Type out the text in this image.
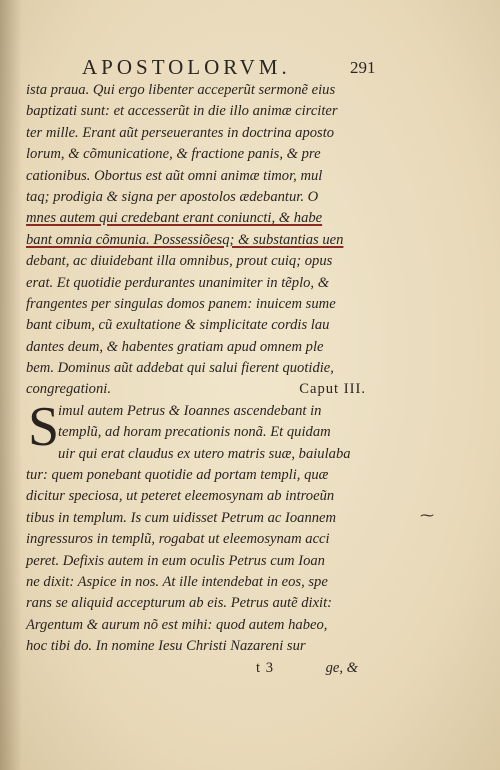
APOSTOLORVM.	291
ista praua. Qui ergo libenter acceperũt sermonẽ eius
baptizati sunt: et accesserũt in die illo animæ circiter
ter mille. Erant aũt perseuerantes in doctrina aposto
lorum, & cõmunicatione, & fractione panis, & pre
cationibus. Obortus est aũt omni animæ timor, mul
taq; prodigia & signa per apostolos ædebantur. O
mnes autem qui credebant erant coniuncti, & habe
bant omnia cõmunia. Possessiõesq; & substantias uen
debant, ac diuidebant illa omnibus, prout cuiq; opus
erat. Et quotidie perdurantes unanimiter in tẽplo, &
frangentes per singulas domos panem: inuicem sume
bant cibum, cũ exultatione & simplicitate cordis lau
dantes deum, & habentes gratiam apud omnem ple
bem. Dominus aũt addebat qui salui fierent quotidie,
congregationi.	Caput III.
imul autem Petrus & Ioannes ascendebant in
templũ, ad horam precationis nonã. Et quidam
uir qui erat claudus ex utero matris suæ, baiulaba
tur: quem ponebant quotidie ad portam templi, quæ
dicitur speciosa, ut peteret eleemosynam ab introeũn
tibus in templum. Is cum uidisset Petrum ac Ioannem
ingressuros in templũ, rogabat ut eleemosynam acci
peret. Defixis autem in eum oculis Petrus cum Ioan
ne dixit: Aspice in nos. At ille intendebat in eos, spe
rans se aliquid accepturum ab eis. Petrus autẽ dixit:
Argentum & aurum nõ est mihi: quod autem habeo,
hoc tibi do. In nomine Iesu Christi Nazareni sur
t 3	ge, &
S
⁓
